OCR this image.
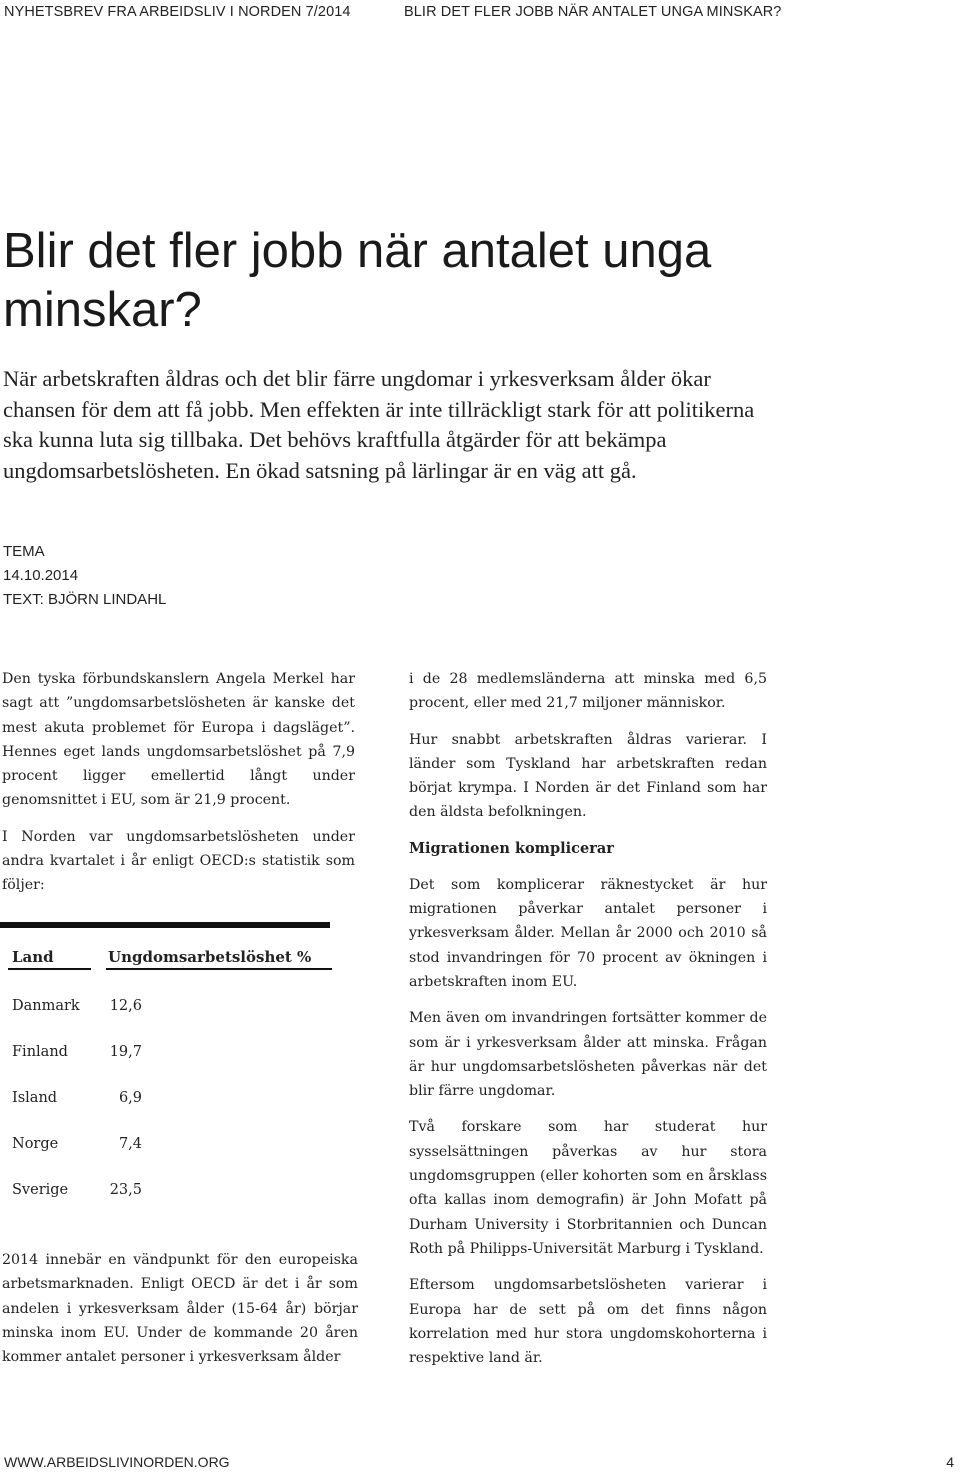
NYHETSBREV FRA ARBEIDSLIV I NORDEN 7/2014	BLIR DET FLER JOBB NÄR ANTALET UNGA MINSKAR?
Blir det fler jobb när antalet unga minskar?

När arbetskraften åldras och det blir färre ungdomar i yrkesverksam ålder ökar chansen för dem att få jobb. Men effekten är inte tillräckligt stark för att politikerna ska kunna luta sig tillbaka. Det behövs kraftfulla åtgärder för att bekämpa ungdomsarbetslösheten. En ökad satsning på lärlingar är en väg att gå.

TEMA
14.10.2014
TEXT: BJÖRN LINDAHL

Den tyska förbundskanslern Angela Merkel har sagt att ”ungdomsarbetslösheten är kanske det mest akuta problemet för Europa i dagsläget”. Hennes eget lands ungdomsarbetslöshet på 7,9 procent ligger emellertid långt under genomsnittet i EU, som är 21,9 procent.

I Norden var ungdomsarbetslösheten under andra kvartalet i år enligt OECD:s statistik som följer:

Land	Ungdomsarbetslöshet %
Danmark 12,6
Finland	19,7
Island	6,9
Norge	7,4
Sverige	23,5

2014 innebär en vändpunkt för den europeiska arbetsmarknaden. Enligt OECD är det i år som andelen i yrkesverksam ålder (15-64 år) börjar minska inom EU. Under de kommande 20 åren kommer antalet personer i yrkesverksam ålder

i de 28 medlemsländerna att minska med 6,5 procent, eller med 21,7 miljoner människor.

Hur snabbt arbetskraften åldras varierar. I länder som Tyskland har arbetskraften redan börjat krympa. I Norden är det Finland som har den äldsta befolkningen.

Migrationen komplicerar

Det som komplicerar räknestycket är hur migrationen påverkar antalet personer i yrkesverksam ålder. Mellan år 2000 och 2010 så stod invandringen för 70 procent av ökningen i arbetskraften inom EU.

Men även om invandringen fortsätter kommer de som är i yrkesverksam ålder att minska. Frågan är hur ungdomsarbetslösheten påverkas när det blir färre ungdomar.

Två forskare som har studerat hur sysselsättningen påverkas av hur stora ungdomsgruppen (eller kohorten som en årsklass ofta kallas inom demografin) är John Mofatt på Durham University i Storbritannien och Duncan Roth på Philipps-Universität Marburg i Tyskland.

Eftersom ungdomsarbetslösheten varierar i Europa har de sett på om det finns någon korrelation med hur stora ungdomskohorterna i respektive land är.

WWW.ARBEIDSLIVINORDEN.ORG	4
